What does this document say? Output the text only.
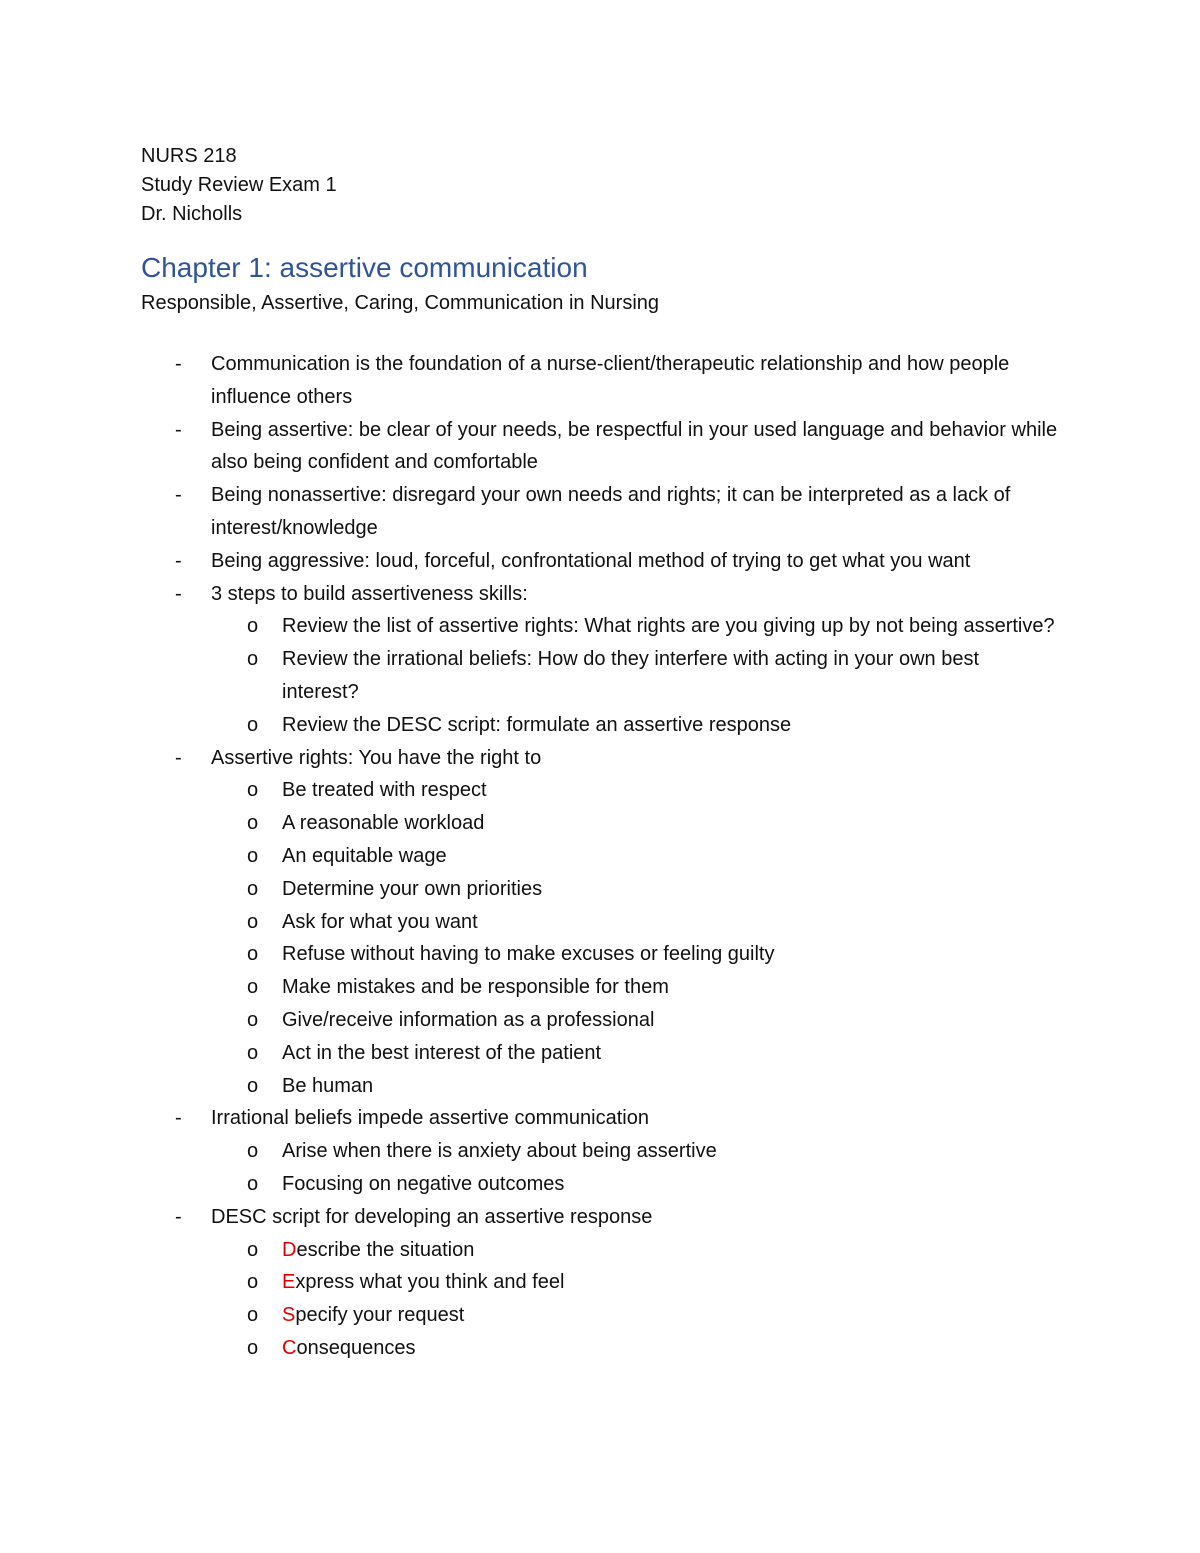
NURS 218

Study Review Exam 1

Dr. Nicholls

Chapter 1: assertive communication

Responsible, Assertive, Caring, Communication in Nursing

- Communication is the foundation of a nurse-client/therapeutic relationship and how people influence others
- Being assertive: be clear of your needs, be respectful in your used language and behavior while also being confident and comfortable
- Being nonassertive: disregard your own needs and rights; it can be interpreted as a lack of interest/knowledge
- Being aggressive: loud, forceful, confrontational method of trying to get what you want
- 3 steps to build assertiveness skills:
o Review the list of assertive rights: What rights are you giving up by not being assertive?
o Review the irrational beliefs: How do they interfere with acting in your own best interest?
o Review the DESC script: formulate an assertive response
- Assertive rights: You have the right to
o Be treated with respect
o A reasonable workload
o An equitable wage
o Determine your own priorities
o Ask for what you want
o Refuse without having to make excuses or feeling guilty
o Make mistakes and be responsible for them
o Give/receive information as a professional
o Act in the best interest of the patient
o Be human
- Irrational beliefs impede assertive communication
o Arise when there is anxiety about being assertive
o Focusing on negative outcomes
- DESC script for developing an assertive response
o Describe the situation
o Express what you think and feel
o Specify your request
o Consequences
